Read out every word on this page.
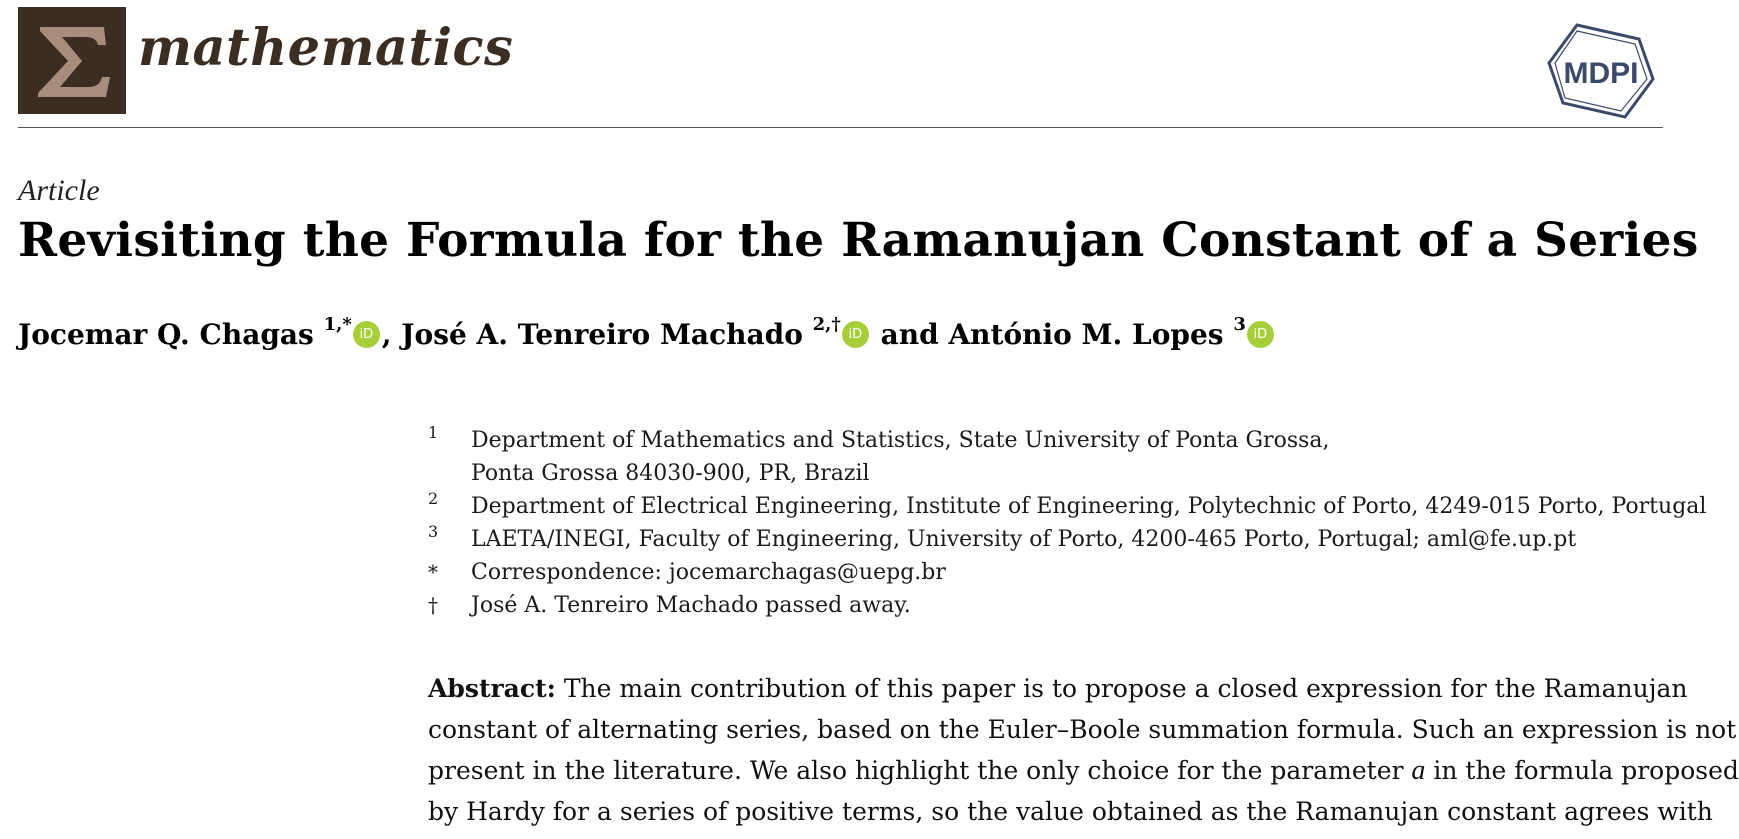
mathematics	MDPI
Article
Revisiting the Formula for the Ramanujan Constant of a Series
Jocemar Q. Chagas $^{1,*}$ iD , José A. Tenreiro Machado $^{2,\dagger}$ iD and António M. Lopes $^3$ iD
1 Department of Mathematics and Statistics, State University of Ponta Grossa,
Ponta Grossa 84030-900, PR, Brazil
2 Department of Electrical Engineering, Institute of Engineering, Polytechnic of Porto, 4249-015 Porto, Portugal
3 LAETA/INEGI, Faculty of Engineering, University of Porto, 4200-465 Porto, Portugal; aml@fe.up.pt
* Correspondence: jocemarchagas@uepg.br
† José A. Tenreiro Machado passed away.
Abstract: The main contribution of this paper is to propose a closed expression for the Ramanujan
constant of alternating series, based on the Euler–Boole summation formula. Such an expression is not
present in the literature. We also highlight the only choice for the parameter a in the formula proposed
by Hardy for a series of positive terms, so the value obtained as the Ramanujan constant agrees with
